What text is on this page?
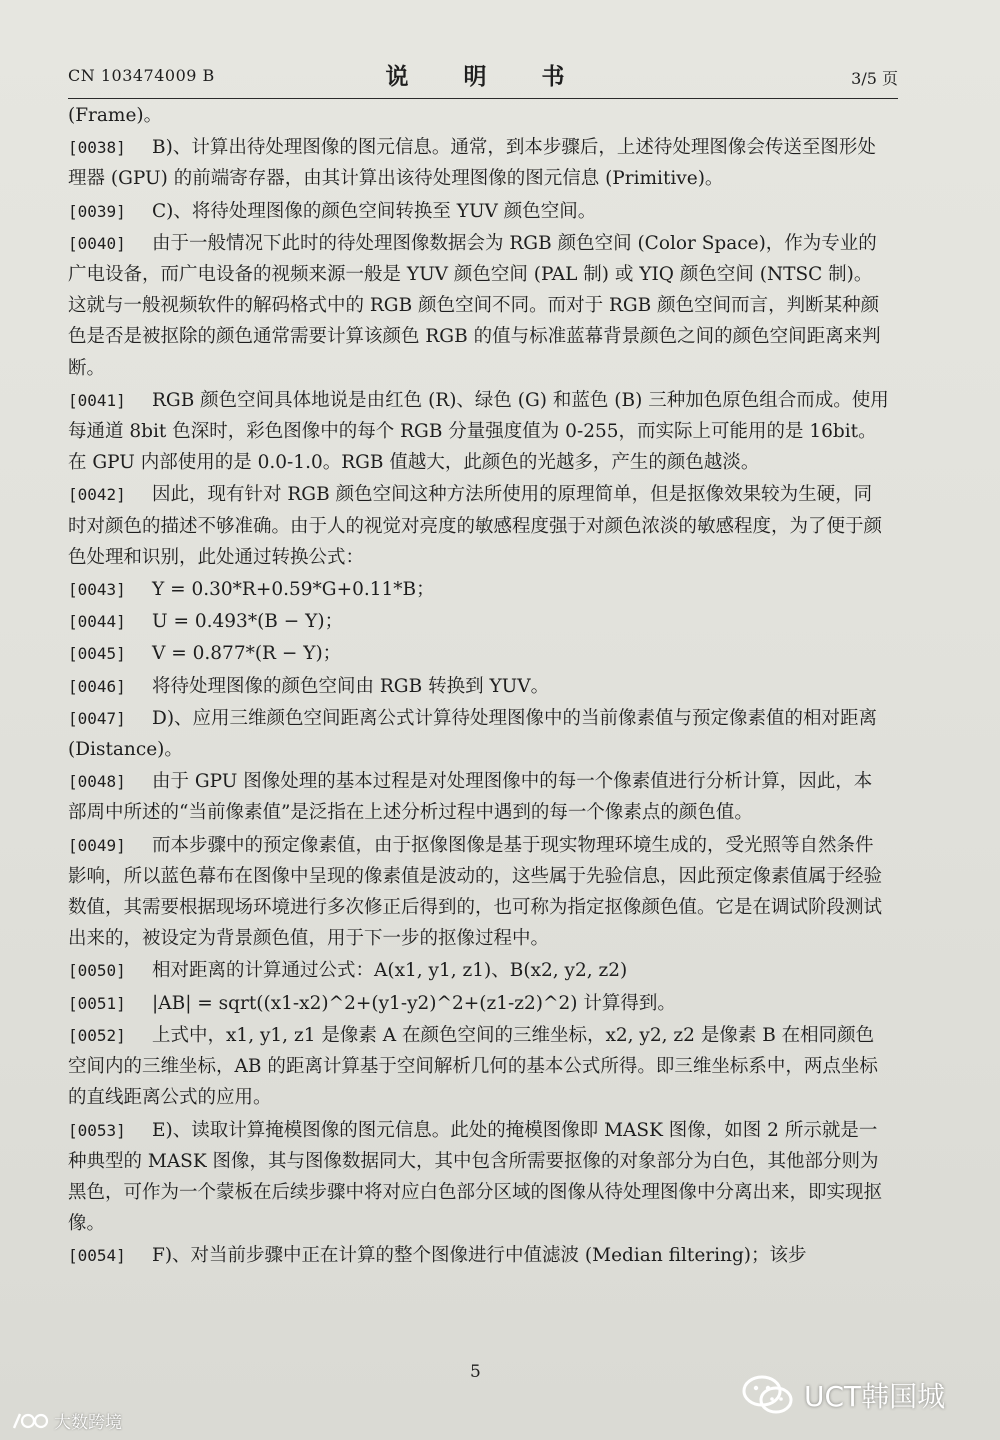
CN 103474009 B	说　明　书	3/5 页

(Frame)。

[0038] B)、计算出待处理图像的图元信息。通常，到本步骤后，上述待处理图像会传送至图形处理器 (GPU) 的前端寄存器，由其计算出该待处理图像的图元信息 (Primitive)。

[0039] C)、将待处理图像的颜色空间转换至 YUV 颜色空间。

[0040] 由于一般情况下此时的待处理图像数据会为 RGB 颜色空间 (Color Space)，作为专业的广电设备，而广电设备的视频来源一般是 YUV 颜色空间 (PAL 制) 或 YIQ 颜色空间 (NTSC 制)。这就与一般视频软件的解码格式中的 RGB 颜色空间不同。而对于 RGB 颜色空间而言，判断某种颜色是否是被抠除的颜色通常需要计算该颜色 RGB 的值与标准蓝幕背景颜色之间的颜色空间距离来判断。

[0041] RGB 颜色空间具体地说是由红色 (R)、绿色 (G) 和蓝色 (B) 三种加色原色组合而成。使用每通道 8bit 色深时，彩色图像中的每个 RGB 分量强度值为 0-255，而实际上可能用的是 16bit。在 GPU 内部使用的是 0.0-1.0。RGB 值越大，此颜色的光越多，产生的颜色越淡。

[0042] 因此，现有针对 RGB 颜色空间这种方法所使用的原理简单，但是抠像效果较为生硬，同时对颜色的描述不够准确。由于人的视觉对亮度的敏感程度强于对颜色浓淡的敏感程度，为了便于颜色处理和识别，此处通过转换公式：

[0043] Y = 0.30*R+0.59*G+0.11*B；

[0044] U = 0.493*(B − Y)；

[0045] V = 0.877*(R − Y)；

[0046] 将待处理图像的颜色空间由 RGB 转换到 YUV。

[0047] D)、应用三维颜色空间距离公式计算待处理图像中的当前像素值与预定像素值的相对距离 (Distance)。

[0048] 由于 GPU 图像处理的基本过程是对处理图像中的每一个像素值进行分析计算，因此，本部周中所述的“当前像素值”是泛指在上述分析过程中遇到的每一个像素点的颜色值。

[0049] 而本步骤中的预定像素值，由于抠像图像是基于现实物理环境生成的，受光照等自然条件影响，所以蓝色幕布在图像中呈现的像素值是波动的，这些属于先验信息，因此预定像素值属于经验数值，其需要根据现场环境进行多次修正后得到的，也可称为指定抠像颜色值。它是在调试阶段测试出来的，被设定为背景颜色值，用于下一步的抠像过程中。

[0050] 相对距离的计算通过公式：A(x1, y1, z1)、B(x2, y2, z2)

[0051] |AB| = sqrt((x1-x2)^2+(y1-y2)^2+(z1-z2)^2) 计算得到。

[0052] 上式中，x1, y1, z1 是像素 A 在颜色空间的三维坐标，x2, y2, z2 是像素 B 在相同颜色空间内的三维坐标，AB 的距离计算基于空间解析几何的基本公式所得。即三维坐标系中，两点坐标的直线距离公式的应用。

[0053] E)、读取计算掩模图像的图元信息。此处的掩模图像即 MASK 图像，如图 2 所示就是一种典型的 MASK 图像，其与图像数据同大，其中包含所需要抠像的对象部分为白色，其他部分则为黑色，可作为一个蒙板在后续步骤中将对应白色部分区域的图像从待处理图像中分离出来，即实现抠像。

[0054] F)、对当前步骤中正在计算的整个图像进行中值滤波 (Median filtering)；该步

5
UCT韩国城
大数跨境
